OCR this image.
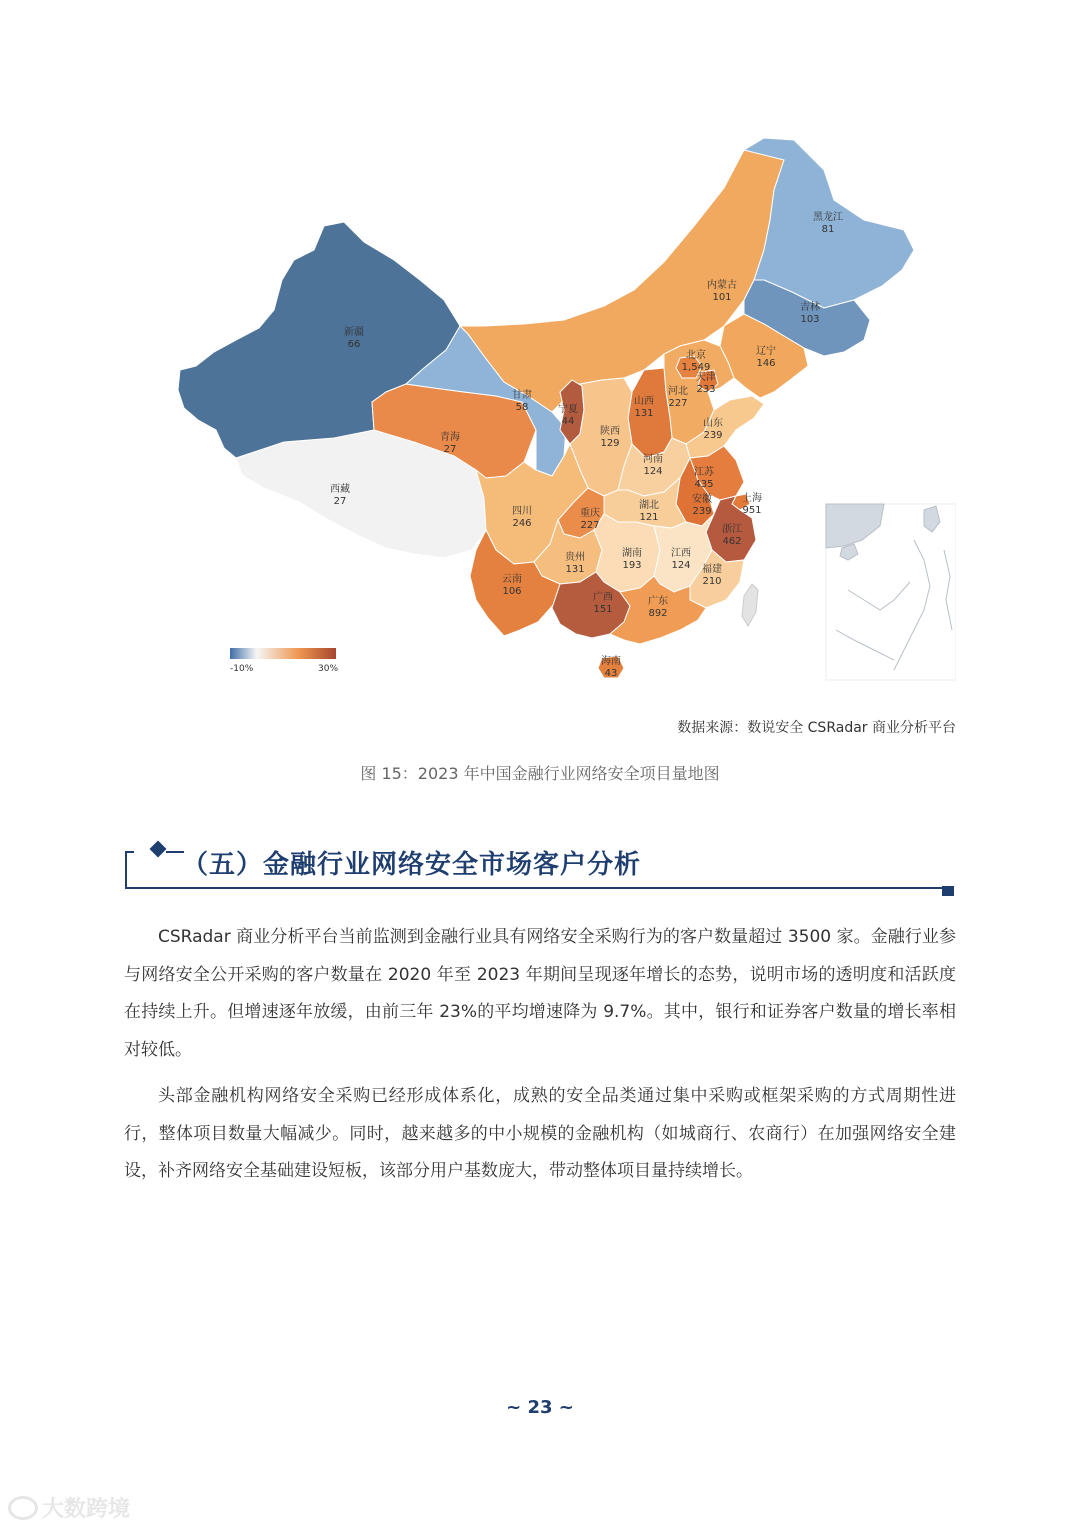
-10%	30%
新疆 66
西藏 27
青海 27
甘肃 58
内蒙古 101
黑龙江 81
吉林 103
辽宁 146
北京 1,549
天津 233
河北 227
山西 131
山东 239
宁夏 44
陕西 129
河南 124	江苏 435
安徽 239
上海 951
湖北 121
浙江 462
四川 246
重庆 227
贵州 131
湖南 193
江西 124 福建 210
云南 106
广西 151
广东 892
海南 43
数据来源：数说安全 CSRadar 商业分析平台
图 15：2023 年中国金融行业网络安全项目量地图
（五）金融行业网络安全市场客户分析

CSRadar 商业分析平台当前监测到金融行业具有网络安全采购行为的客户数量超过 3500 家。金融行业参与网络安全公开采购的客户数量在 2020 年至 2023 年期间呈现逐年增长的态势，说明市场的透明度和活跃度在持续上升。但增速逐年放缓，由前三年 23%的平均增速降为 9.7%。其中，银行和证券客户数量的增长率相对较低。

头部金融机构网络安全采购已经形成体系化，成熟的安全品类通过集中采购或框架采购的方式周期性进行，整体项目数量大幅减少。同时，越来越多的中小规模的金融机构（如城商行、农商行）在加强网络安全建设，补齐网络安全基础建设短板，该部分用户基数庞大，带动整体项目量持续增长。

~ 23 ~
大数跨境
